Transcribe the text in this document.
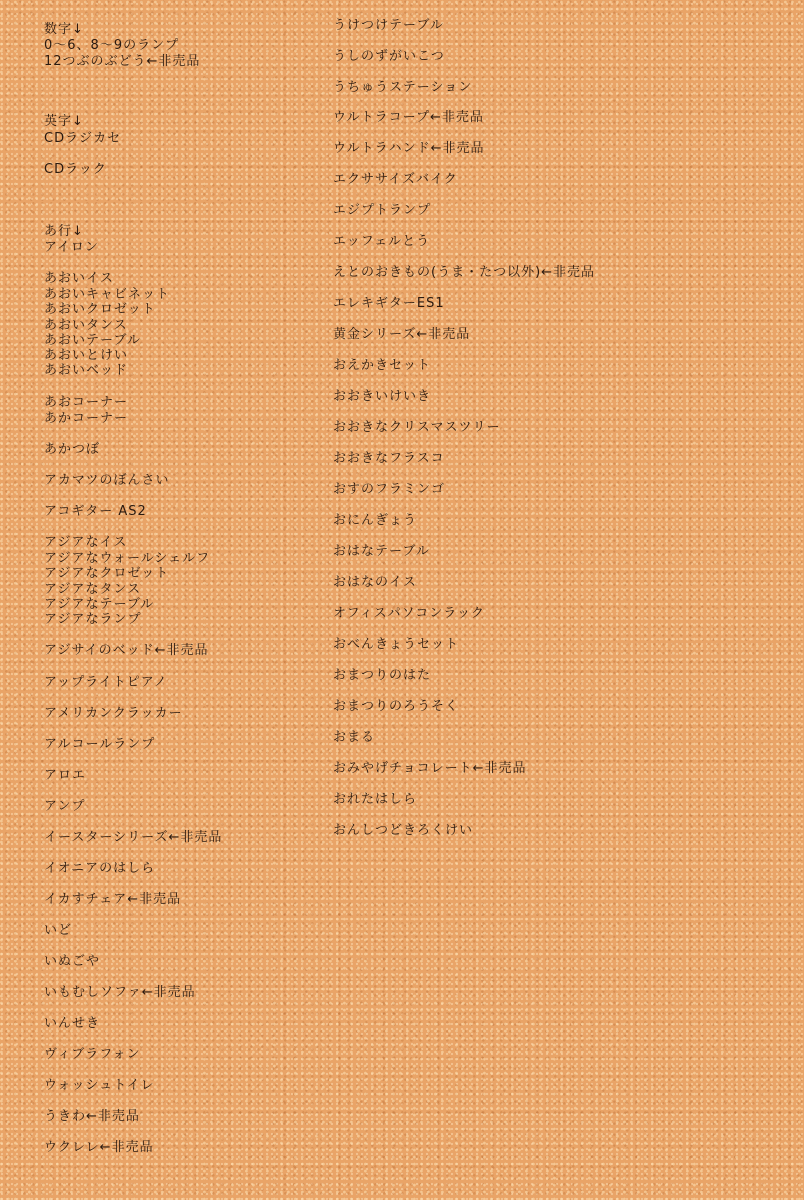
数字↓
0～6、8～9のランプ
12つぶのぶどう←非売品
英字↓
CDラジカセ
CDラック
あ行↓
アイロン
あおいイス
あおいキャビネット
あおいクロゼット
あおいタンス
あおいテーブル
あおいとけい
あおいベッド
あおコーナー
あかコーナー
あかつぼ
アカマツのぼんさい
アコギター AS2
アジアなイス
アジアなウォールシェルフ
アジアなクロゼット
アジアなタンス
アジアなテーブル
アジアなランプ
アジサイのベッド←非売品
アップライトピアノ
アメリカンクラッカー
アルコールランプ
アロエ
アンプ
イースターシリーズ←非売品
イオニアのはしら
イカすチェア←非売品
いど
いぬごや
いもむしソファ←非売品
いんせき
ヴィブラフォン
ウォッシュトイレ
うきわ←非売品
ウクレレ←非売品
うけつけテーブル
うしのずがいこつ
うちゅうステーション
ウルトラコープ←非売品
ウルトラハンド←非売品
エクササイズバイク
エジプトランプ
エッフェルとう
えとのおきもの(うま・たつ以外)←非売品
エレキギターES1
黄金シリーズ←非売品
おえかきセット
おおきいけいき
おおきなクリスマスツリー
おおきなフラスコ
おすのフラミンゴ
おにんぎょう
おはなテーブル
おはなのイス
オフィスパソコンラック
おべんきょうセット
おまつりのはた
おまつりのろうそく
おまる
おみやげチョコレート←非売品
おれたはしら
おんしつどきろくけい
